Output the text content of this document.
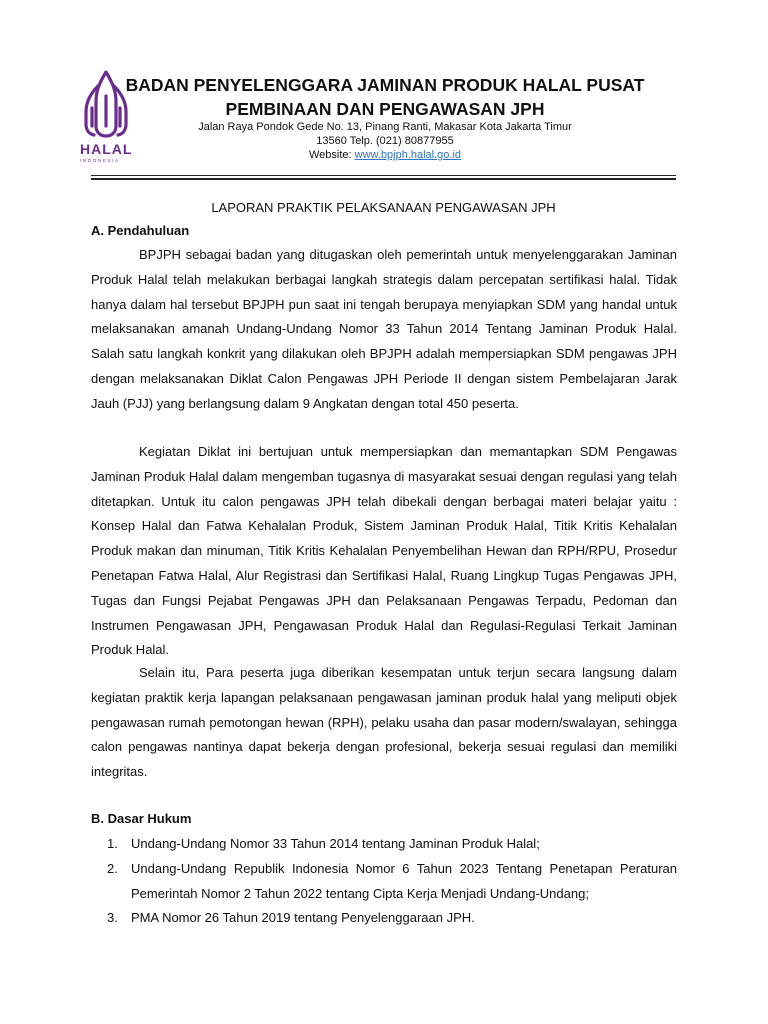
HALAL
INDONESIA
BADAN PENYELENGGARA JAMINAN PRODUK HALAL PUSAT
PEMBINAAN DAN PENGAWASAN JPH
Jalan Raya Pondok Gede No. 13, Pinang Ranti, Makasar Kota Jakarta Timur
13560 Telp. (021) 80877955
Website: www.bpjph.halal.go.id
LAPORAN PRAKTIK PELAKSANAAN PENGAWASAN JPH
A. Pendahuluan

BPJPH sebagai badan yang ditugaskan oleh pemerintah untuk menyelenggarakan Jaminan Produk Halal telah melakukan berbagai langkah strategis dalam percepatan sertifikasi halal. Tidak hanya dalam hal tersebut BPJPH pun saat ini tengah berupaya menyiapkan SDM yang handal untuk melaksanakan amanah Undang-Undang Nomor 33 Tahun 2014 Tentang Jaminan Produk Halal. Salah satu langkah konkrit yang dilakukan oleh BPJPH adalah mempersiapkan SDM pengawas JPH dengan melaksanakan Diklat Calon Pengawas JPH Periode II dengan sistem Pembelajaran Jarak Jauh (PJJ) yang berlangsung dalam 9 Angkatan dengan total 450 peserta.

Kegiatan Diklat ini bertujuan untuk mempersiapkan dan memantapkan SDM Pengawas Jaminan Produk Halal dalam mengemban tugasnya di masyarakat sesuai dengan regulasi yang telah ditetapkan. Untuk itu calon pengawas JPH telah dibekali dengan berbagai materi belajar yaitu : Konsep Halal dan Fatwa Kehalalan Produk, Sistem Jaminan Produk Halal, Titik Kritis Kehalalan Produk makan dan minuman, Titik Kritis Kehalalan Penyembelihan Hewan dan RPH/RPU, Prosedur Penetapan Fatwa Halal, Alur Registrasi dan Sertifikasi Halal, Ruang Lingkup Tugas Pengawas JPH, Tugas dan Fungsi Pejabat Pengawas JPH dan Pelaksanaan Pengawas Terpadu, Pedoman dan Instrumen Pengawasan JPH, Pengawasan Produk Halal dan Regulasi-Regulasi Terkait Jaminan Produk Halal.

Selain itu, Para peserta juga diberikan kesempatan untuk terjun secara langsung dalam kegiatan praktik kerja lapangan pelaksanaan pengawasan jaminan produk halal yang meliputi objek pengawasan rumah pemotongan hewan (RPH), pelaku usaha dan pasar modern/swalayan, sehingga calon pengawas nantinya dapat bekerja dengan profesional, bekerja sesuai regulasi dan memiliki integritas.

B. Dasar Hukum
1. Undang-Undang Nomor 33 Tahun 2014 tentang Jaminan Produk Halal;
2. Undang-Undang Republik Indonesia Nomor 6 Tahun 2023 Tentang Penetapan Peraturan Pemerintah Nomor 2 Tahun 2022 tentang Cipta Kerja Menjadi Undang-Undang;
3. PMA Nomor 26 Tahun 2019 tentang Penyelenggaraan JPH.
